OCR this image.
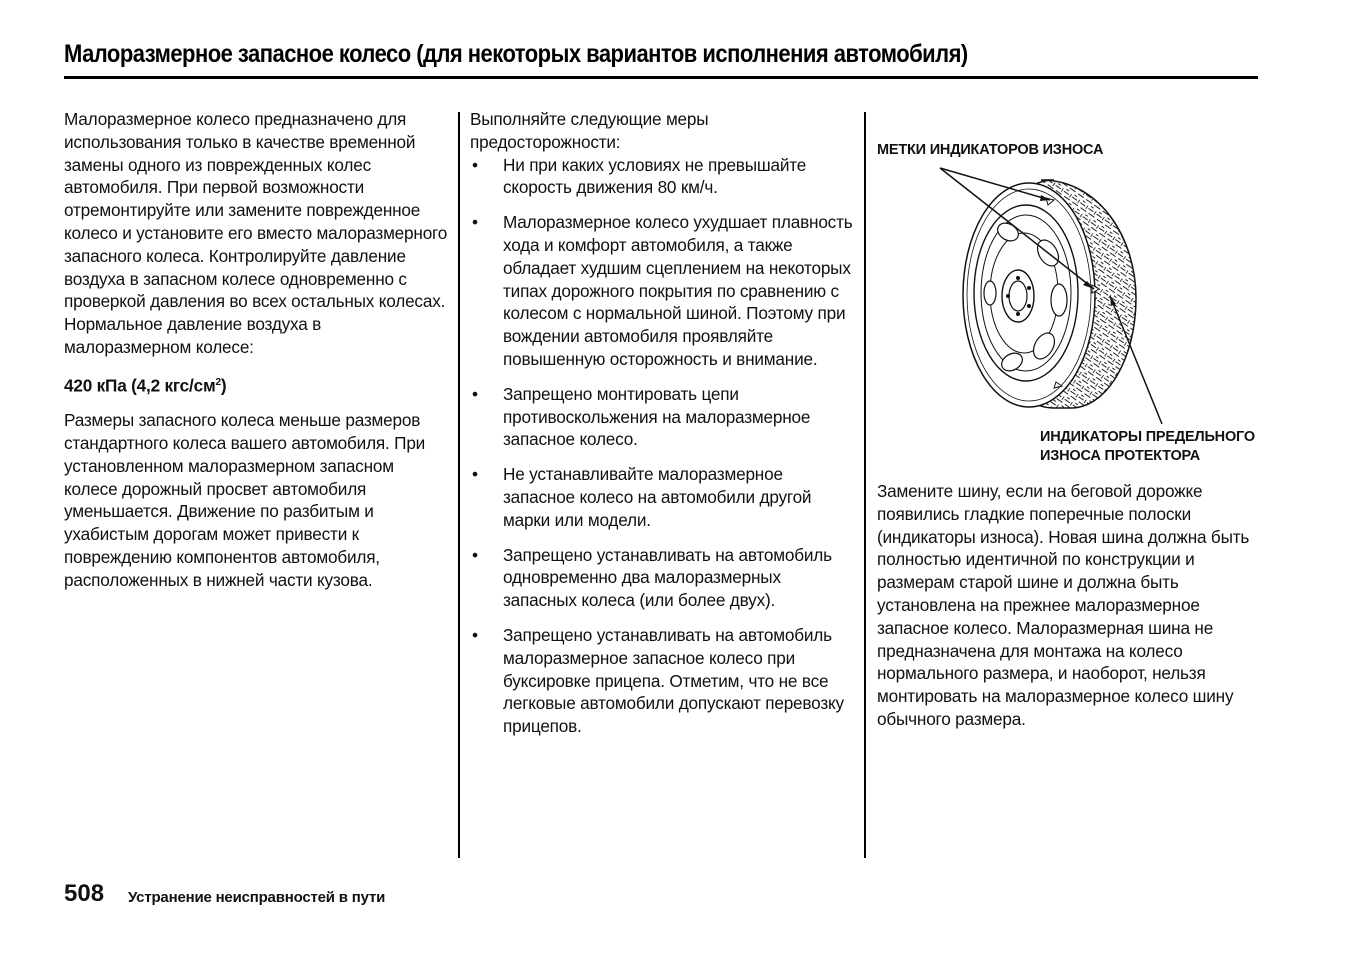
Малоразмерное запасное колесо (для некоторых вариантов исполнения автомобиля)

Малоразмерное колесо предназначено для использования только в качестве временной замены одного из поврежденных колес автомобиля. При первой возможности отремонтируйте или замените поврежденное колесо и установите его вместо малоразмерного запасного колеса. Контролируйте давление воздуха в запасном колесе одновременно с проверкой давления во всех остальных колесах. Нормальное давление воздуха в малоразмерном колесе:

420 кПа (4,2 кгс/$см^2$)

Размеры запасного колеса меньше размеров стандартного колеса вашего автомобиля. При установленном малоразмерном запасном колесе дорожный просвет автомобиля уменьшается. Движение по разбитым и ухабистым дорогам может привести к повреждению компонентов автомобиля, расположенных в нижней части кузова.

Выполняйте следующие меры предосторожности:

• Ни при каких условиях не превышайте скорость движения 80 км/ч.
• Малоразмерное колесо ухудшает плавность хода и комфорт автомобиля, а также обладает худшим сцеплением на некоторых типах дорожного покрытия по сравнению с колесом с нормальной шиной. Поэтому при вождении автомобиля проявляйте повышенную осторожность и внимание.
• Запрещено монтировать цепи противоскольжения на малоразмерное запасное колесо.
• Не устанавливайте малоразмерное запасное колесо на автомобили другой марки или модели.
• Запрещено устанавливать на автомобиль одновременно два малоразмерных запасных колеса (или более двух).
• Запрещено устанавливать на автомобиль малоразмерное запасное колесо при буксировке прицепа. Отметим, что не все легковые автомобили допускают перевозку прицепов.
МЕТКИ ИНДИКАТОРОВ ИЗНОСА
ИНДИКАТОРЫ ПРЕДЕЛЬНОГО
ИЗНОСА ПРОТЕКТОРА

Замените шину, если на беговой дорожке появились гладкие поперечные полоски (индикаторы износа). Новая шина должна быть полностью идентичной по конструкции и размерам старой шине и должна быть установлена на прежнее малоразмерное запасное колесо. Малоразмерная шина не предназначена для монтажа на колесо нормального размера, и наоборот, нельзя монтировать на малоразмерное колесо шину обычного размера.

508 Устранение неисправностей в пути
